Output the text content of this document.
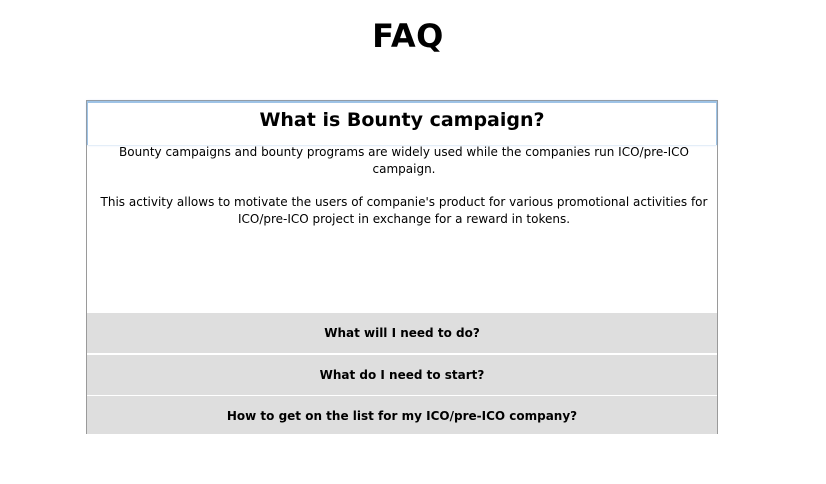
FAQ
What is Bounty campaign?

Bounty campaigns and bounty programs are widely used while the companies run ICO/pre-ICO campaign.

This activity allows to motivate the users of companie's product for various promotional activities for ICO/pre-ICO project in exchange for a reward in tokens.

What will I need to do?
What do I need to start?
How to get on the list for my ICO/pre-ICO company?
